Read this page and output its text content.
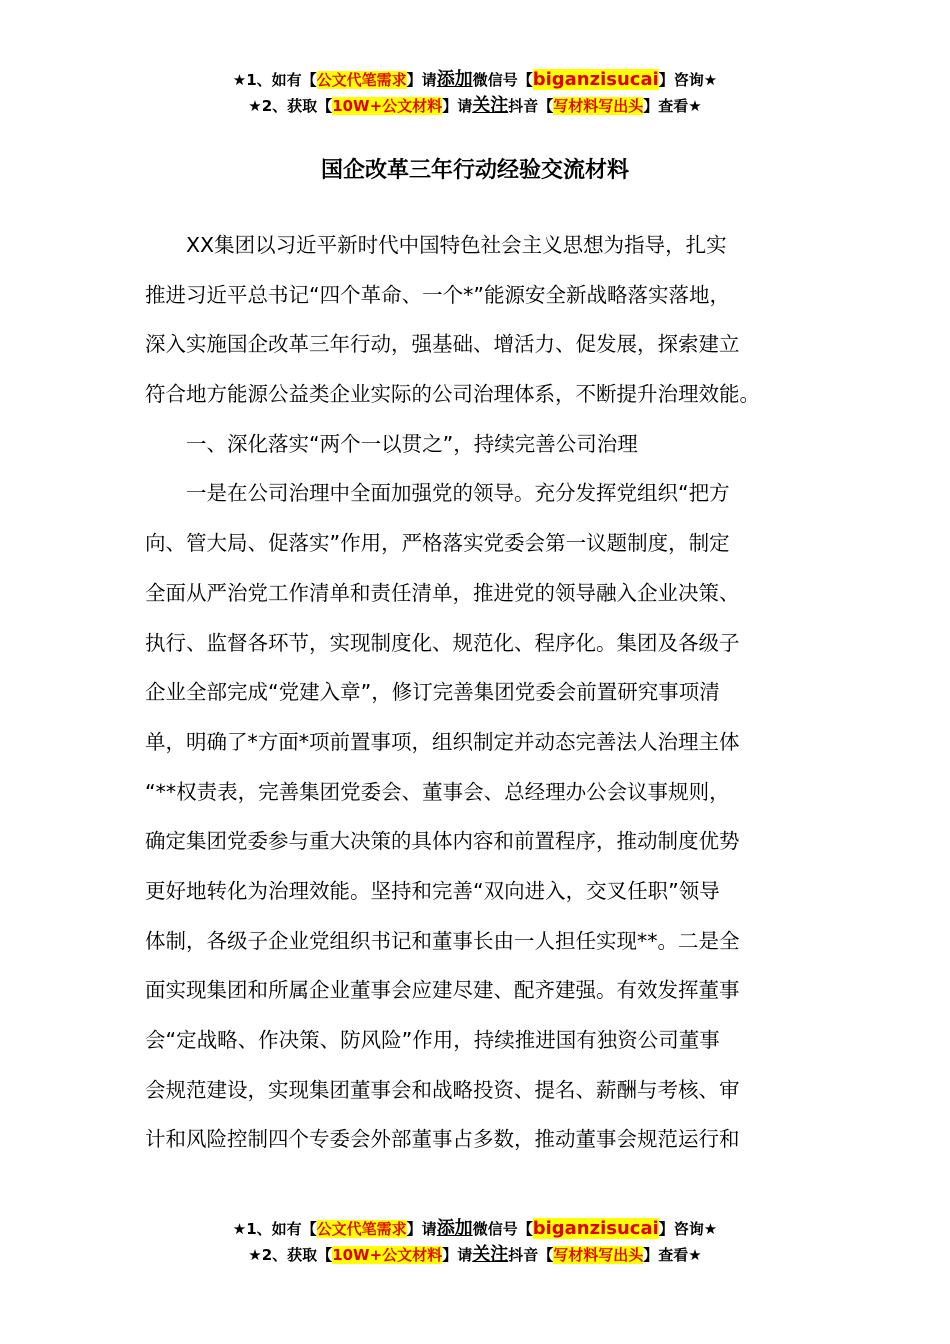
★1、如有【公文代笔需求】请添加微信号【biganzisucai】咨询★
★2、获取【10W+公文材料】请关注抖音【写材料写出头】查看★
国企改革三年行动经验交流材料
　　XX集团以习近平新时代中国特色社会主义思想为指导，扎实
推进习近平总书记“四个革命、一个*”能源安全新战略落实落地，
深入实施国企改革三年行动，强基础、增活力、促发展，探索建立
符合地方能源公益类企业实际的公司治理体系，不断提升治理效能。
　　一、深化落实“两个一以贯之”，持续完善公司治理
　　一是在公司治理中全面加强党的领导。充分发挥党组织“把方
向、管大局、促落实”作用，严格落实党委会第一议题制度，制定
全面从严治党工作清单和责任清单，推进党的领导融入企业决策、
执行、监督各环节，实现制度化、规范化、程序化。集团及各级子
企业全部完成“党建入章”，修订完善集团党委会前置研究事项清
单，明确了*方面*项前置事项，组织制定并动态完善法人治理主体
“**权责表，完善集团党委会、董事会、总经理办公会议事规则，
确定集团党委参与重大决策的具体内容和前置程序，推动制度优势
更好地转化为治理效能。坚持和完善“双向进入，交叉任职”领导
体制，各级子企业党组织书记和董事长由一人担任实现**。二是全
面实现集团和所属企业董事会应建尽建、配齐建强。有效发挥董事
会“定战略、作决策、防风险”作用，持续推进国有独资公司董事
会规范建设，实现集团董事会和战略投资、提名、薪酬与考核、审
计和风险控制四个专委会外部董事占多数，推动董事会规范运行和
★1、如有【公文代笔需求】请添加微信号【biganzisucai】咨询★
★2、获取【10W+公文材料】请关注抖音【写材料写出头】查看★
